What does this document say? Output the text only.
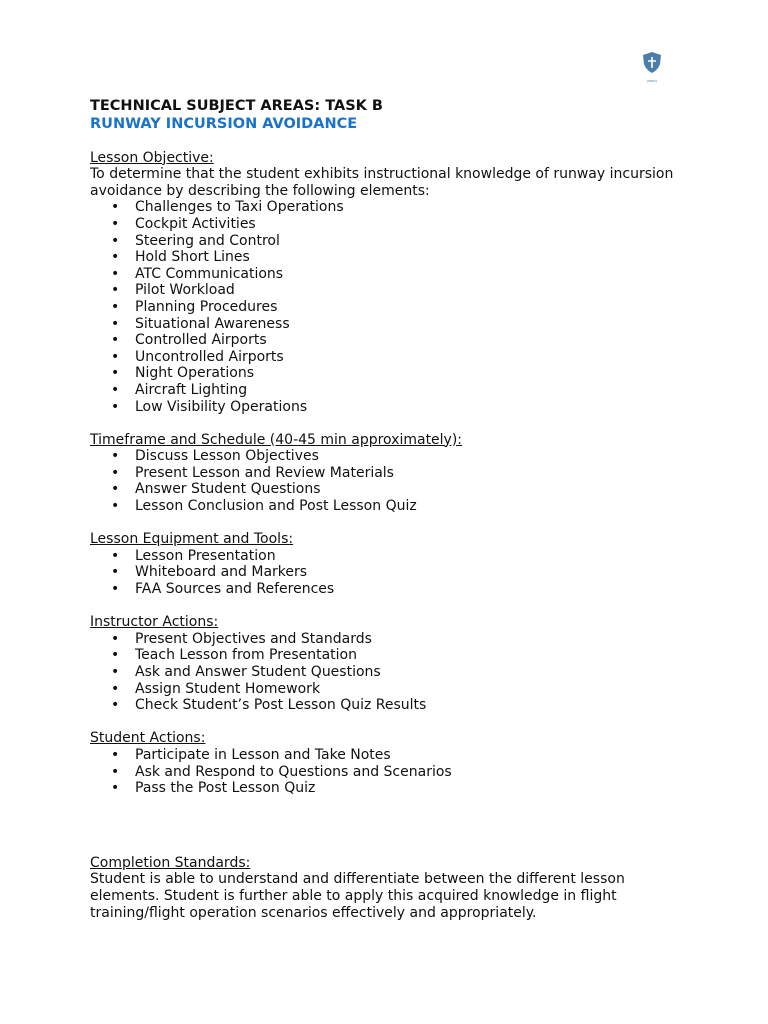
WINGS

TECHNICAL SUBJECT AREAS: TASK B

RUNWAY INCURSION AVOIDANCE

Lesson Objective:

To determine that the student exhibits instructional knowledge of runway incursion avoidance by describing the following elements:

• Challenges to Taxi Operations
• Cockpit Activities
• Steering and Control
• Hold Short Lines
• ATC Communications
• Pilot Workload
• Planning Procedures
• Situational Awareness
• Controlled Airports
• Uncontrolled Airports
• Night Operations
• Aircraft Lighting
• Low Visibility Operations

Timeframe and Schedule (40-45 min approximately):

• Discuss Lesson Objectives
• Present Lesson and Review Materials
• Answer Student Questions
• Lesson Conclusion and Post Lesson Quiz

Lesson Equipment and Tools:

• Lesson Presentation
• Whiteboard and Markers
• FAA Sources and References

Instructor Actions:

• Present Objectives and Standards
• Teach Lesson from Presentation
• Ask and Answer Student Questions
• Assign Student Homework
• Check Student’s Post Lesson Quiz Results

Student Actions:

• Participate in Lesson and Take Notes
• Ask and Respond to Questions and Scenarios
• Pass the Post Lesson Quiz

Completion Standards:

Student is able to understand and differentiate between the different lesson elements. Student is further able to apply this acquired knowledge in flight training/flight operation scenarios effectively and appropriately.
